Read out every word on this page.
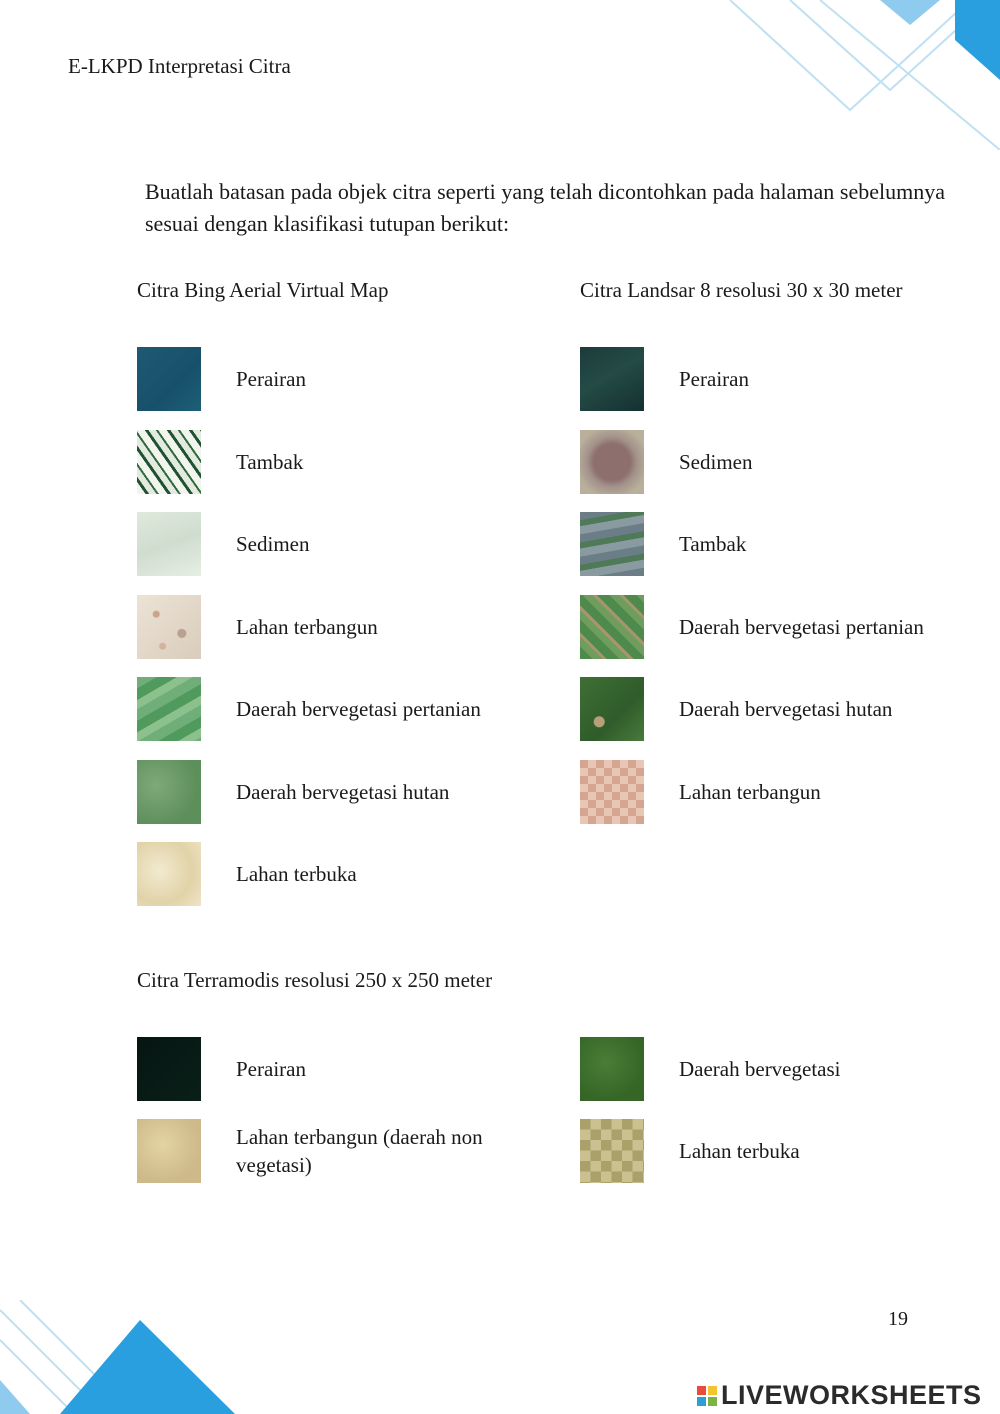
E-LKPD Interpretasi Citra
Buatlah batasan pada objek citra seperti yang telah dicontohkan pada halaman sebelumnya sesuai dengan klasifikasi tutupan berikut:
Citra Bing Aerial Virtual Map
Perairan
Tambak
Sedimen
Lahan terbangun
Daerah bervegetasi pertanian
Daerah bervegetasi hutan
Lahan terbuka
Citra Landsar 8 resolusi 30 x 30 meter
Perairan
Sedimen
Tambak
Daerah bervegetasi pertanian
Daerah bervegetasi hutan
Lahan terbangun
Citra Terramodis resolusi 250 x 250 meter
Perairan
Lahan terbangun (daerah non vegetasi)
Daerah bervegetasi
Lahan terbuka
19
LIVEWORKSHEETS
